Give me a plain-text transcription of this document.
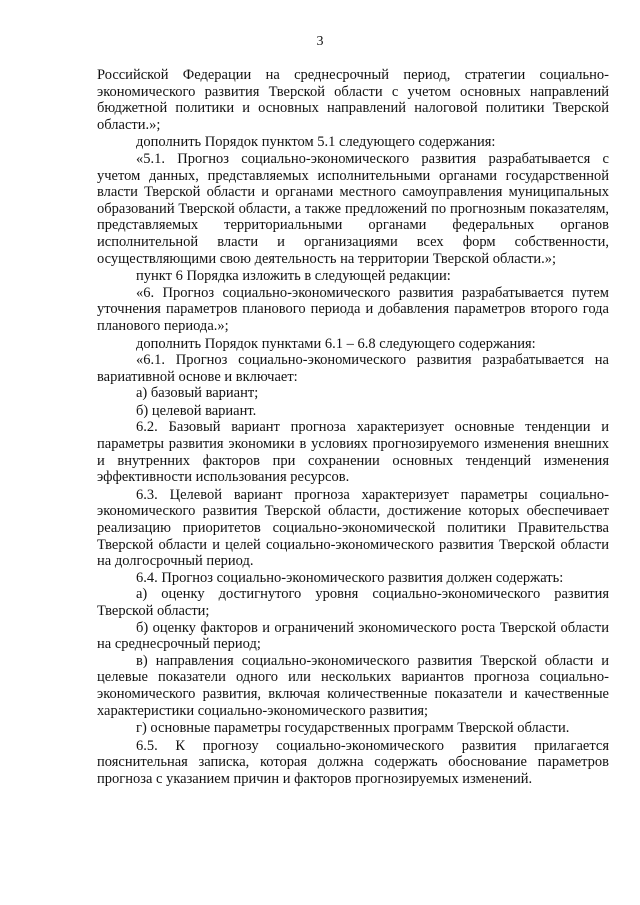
3

Российской Федерации на среднесрочный период, стратегии социально-экономического развития Тверской области с учетом основных направлений бюджетной политики и основных направлений налоговой политики Тверской области.»;

дополнить Порядок пунктом 5.1 следующего содержания:

«5.1. Прогноз социально-экономического развития разрабатывается с учетом данных, представляемых исполнительными органами государственной власти Тверской области и органами местного самоуправления муниципальных образований Тверской области, а также предложений по прогнозным показателям, представляемых территориальными органами федеральных органов исполнительной власти и организациями всех форм собственности, осуществляющими свою деятельность на территории Тверской области.»;

пункт 6 Порядка изложить в следующей редакции:

«6. Прогноз социально-экономического развития разрабатывается путем уточнения параметров планового периода и добавления параметров второго года планового периода.»;

дополнить Порядок пунктами 6.1 – 6.8 следующего содержания:

«6.1. Прогноз социально-экономического развития разрабатывается на вариативной основе и включает:

а) базовый вариант;

б) целевой вариант.

6.2. Базовый вариант прогноза характеризует основные тенденции и параметры развития экономики в условиях прогнозируемого изменения внешних и внутренних факторов при сохранении основных тенденций изменения эффективности использования ресурсов.

6.3. Целевой вариант прогноза характеризует параметры социально-экономического развития Тверской области, достижение которых обеспечивает реализацию приоритетов социально-экономической политики Правительства Тверской области и целей социально-экономического развития Тверской области на долгосрочный период.

6.4. Прогноз социально-экономического развития должен содержать:

а) оценку достигнутого уровня социально-экономического развития Тверской области;

б) оценку факторов и ограничений экономического роста Тверской области на среднесрочный период;

в) направления социально-экономического развития Тверской области и целевые показатели одного или нескольких вариантов прогноза социально-экономического развития, включая количественные показатели и качественные характеристики социально-экономического развития;

г) основные параметры государственных программ Тверской области.

6.5. К прогнозу социально-экономического развития прилагается пояснительная записка, которая должна содержать обоснование параметров прогноза с указанием причин и факторов прогнозируемых изменений.
